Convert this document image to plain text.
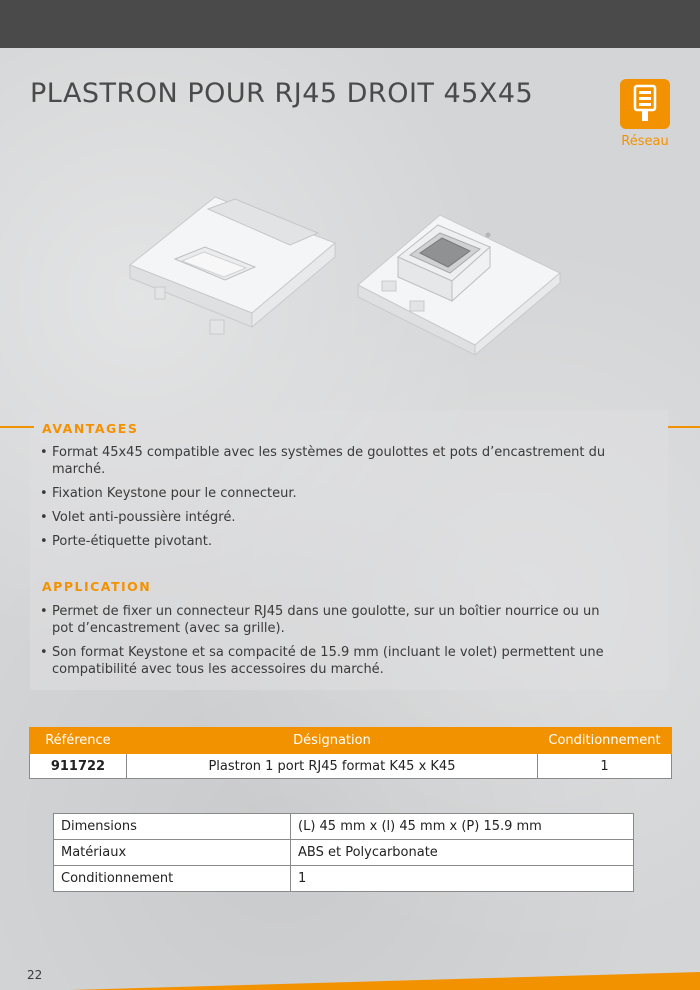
PLASTRON POUR RJ45 DROIT 45X45
Réseau
AVANTAGES
• Format 45x45 compatible avec les systèmes de goulottes et pots d’encastrement du marché.
• Fixation Keystone pour le connecteur.
• Volet anti-poussière intégré.
• Porte-étiquette pivotant.
APPLICATION
• Permet de fixer un connecteur RJ45 dans une goulotte, sur un boîtier nourrice ou un pot d’encastrement (avec sa grille).
• Son format Keystone et sa compacité de 15.9 mm (incluant le volet) permettent une compatibilité avec tous les accessoires du marché.
Référence	Désignation	Conditionnement
911722	Plastron 1 port RJ45 format K45 x K45	1
Dimensions	(L) 45 mm x (l) 45 mm x (P) 15.9 mm
Matériaux	ABS et Polycarbonate
Conditionnement	1
22
